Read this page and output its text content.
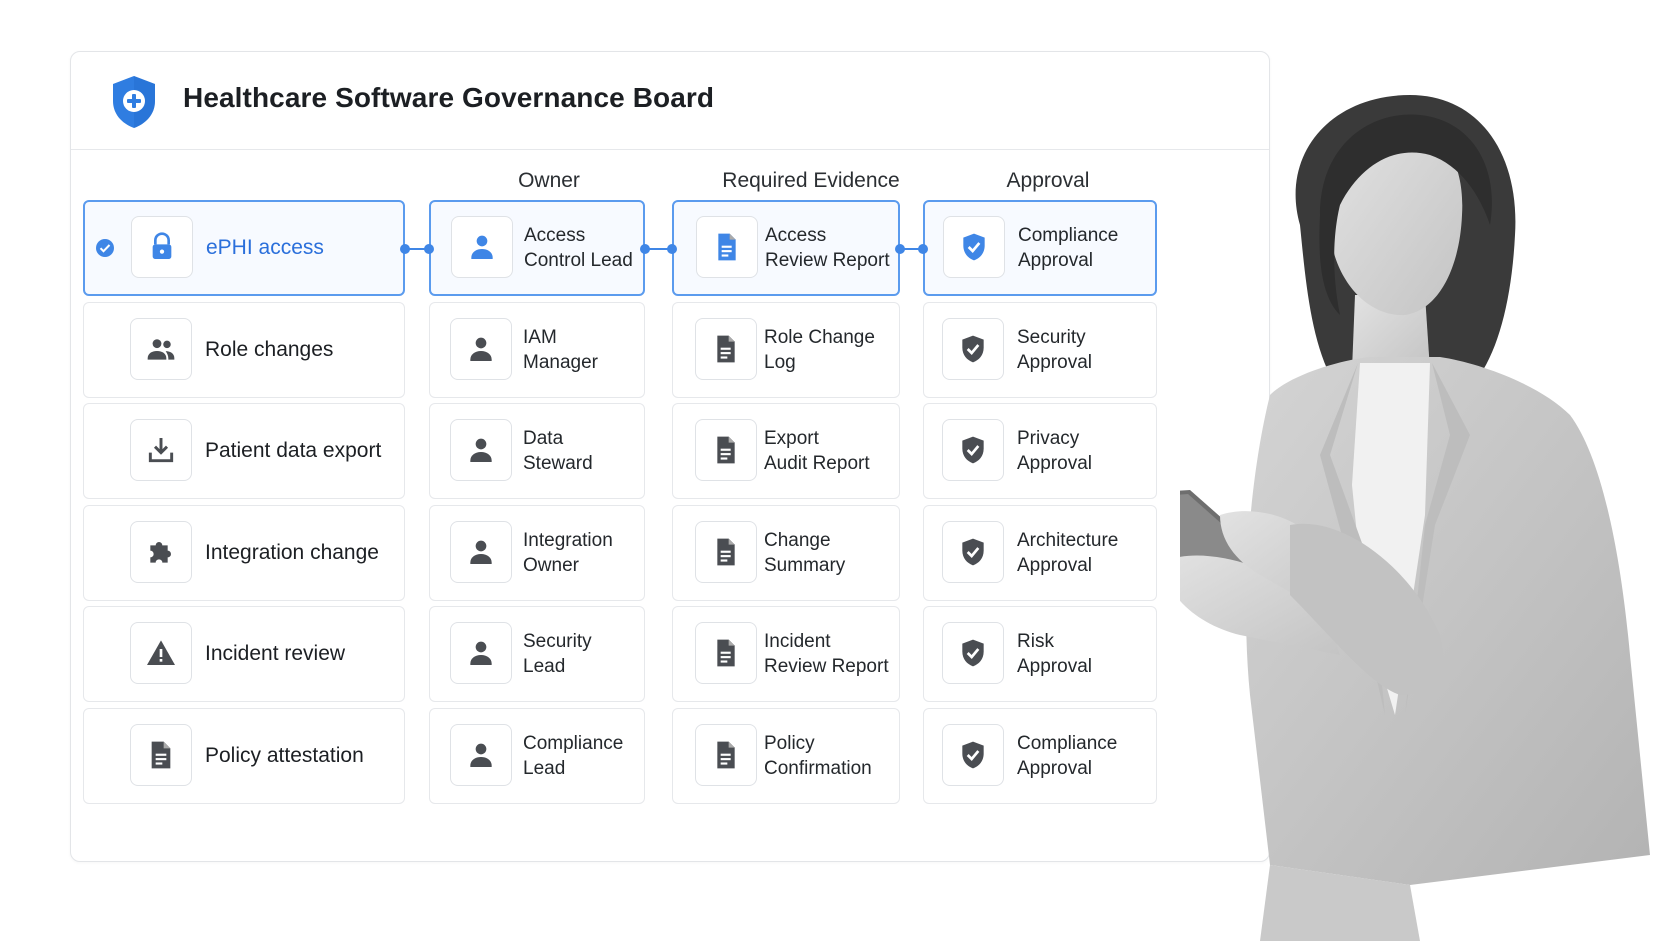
Healthcare Software Governance Board
Owner	Required Evidence	Approval
ePHI access
Access
Control Lead
Access
Review Report
Compliance
Approval
Role changes
IAM
Manager
Role Change
Log
Security
Approval
Patient data export
Data
Steward
Export
Audit Report
Privacy
Approval
Integration change
Integration
Owner
Change
Summary
Architecture
Approval
Incident review
Security
Lead
Incident
Review Report
Risk
Approval
Policy attestation
Compliance
Lead
Policy
Confirmation
Compliance
Approval
